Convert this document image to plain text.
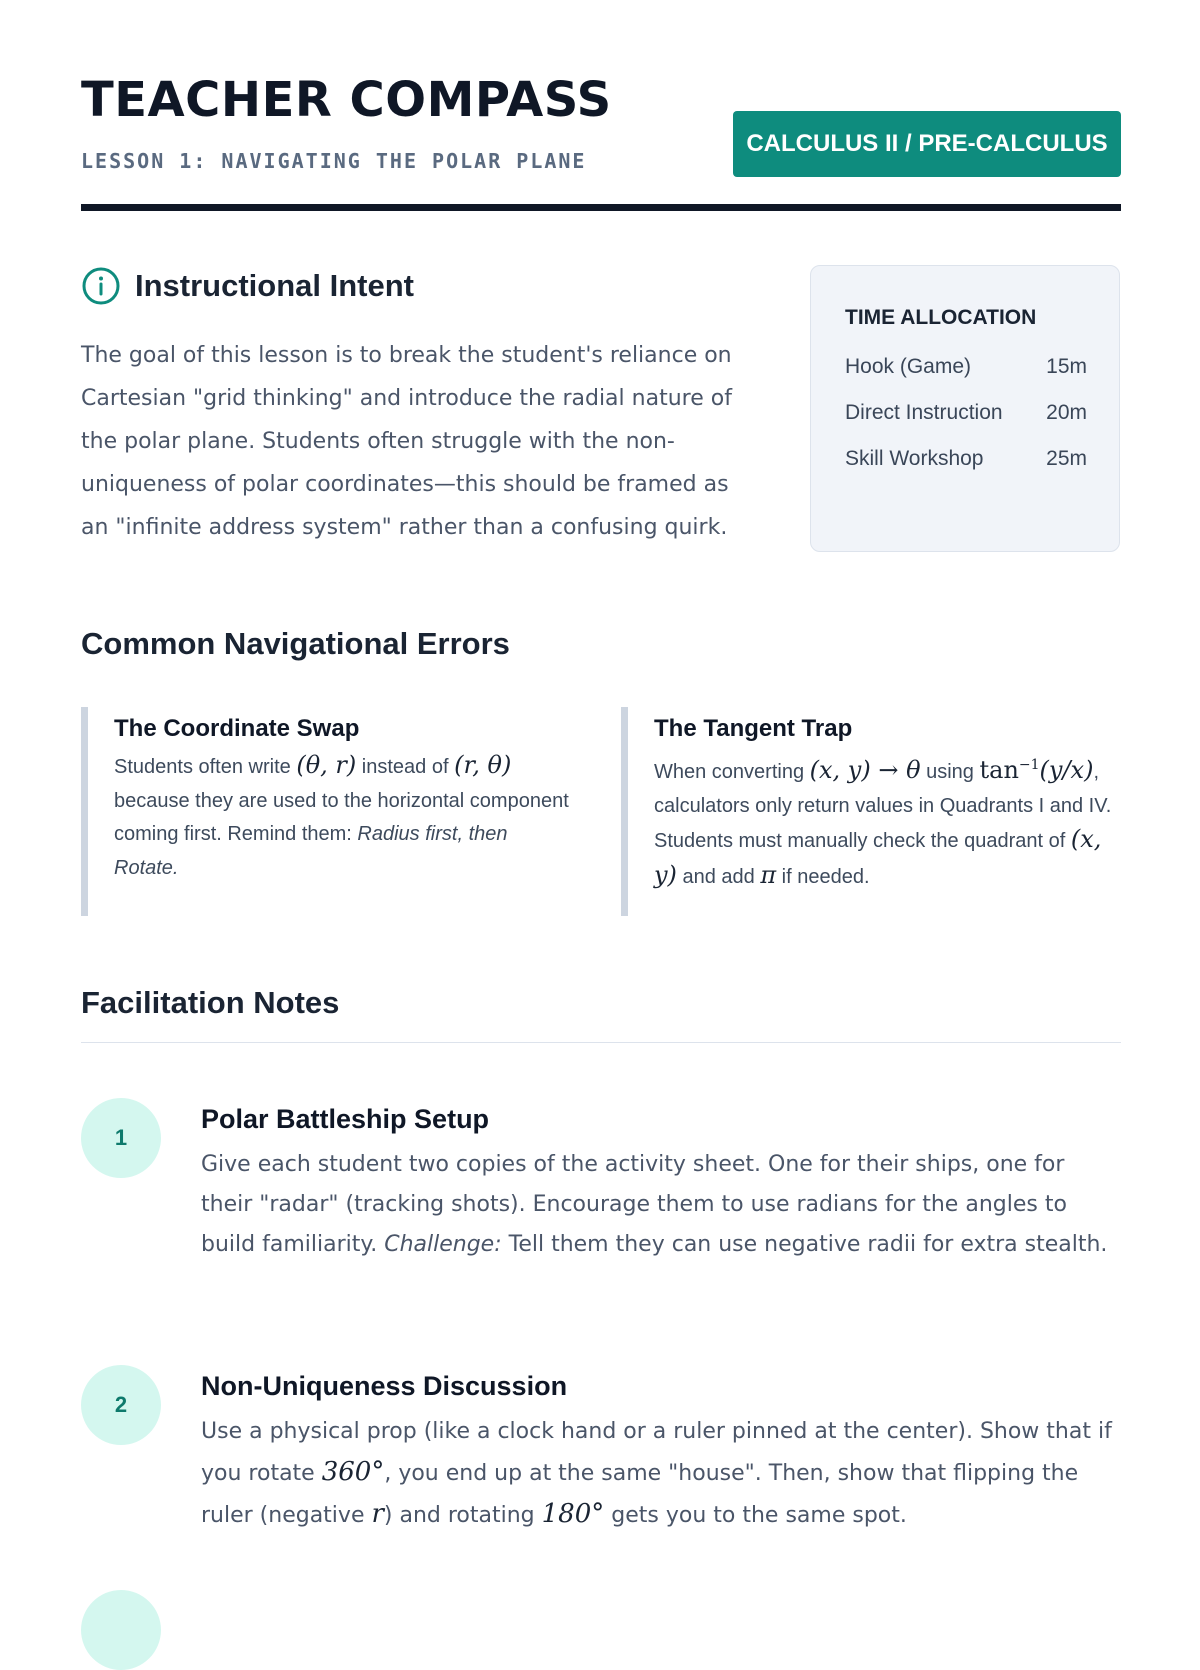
TEACHER COMPASS
LESSON 1: NAVIGATING THE POLAR PLANE
CALCULUS II / PRE-CALCULUS
Instructional Intent

The goal of this lesson is to break the student's reliance on Cartesian "grid thinking" and introduce the radial nature of the polar plane. Students often struggle with the non-uniqueness of polar coordinates—this should be framed as an "infinite address system" rather than a confusing quirk.

TIME ALLOCATION
Hook (Game)	15m
Direct Instruction 20m
Skill Workshop	25m
Common Navigational Errors
The Coordinate Swap
Students often write (θ, r) instead of (r, θ) because they are used to the horizontal component coming first. Remind them: Radius first, then Rotate.
The Tangent Trap
When converting (x, y) → θ using $\tan^{-1}(y/x)$, calculators only return values in Quadrants I and IV. Students must manually check the quadrant of (x, y) and add π if needed.
Facilitation Notes
1
Polar Battleship Setup
Give each student two copies of the activity sheet. One for their ships, one for their "radar" (tracking shots). Encourage them to use radians for the angles to build familiarity. Challenge: Tell them they can use negative radii for extra stealth.
2
Non-Uniqueness Discussion
Use a physical prop (like a clock hand or a ruler pinned at the center). Show that if you rotate 360°, you end up at the same "house". Then, show that flipping the ruler (negative r) and rotating 180° gets you to the same spot.
